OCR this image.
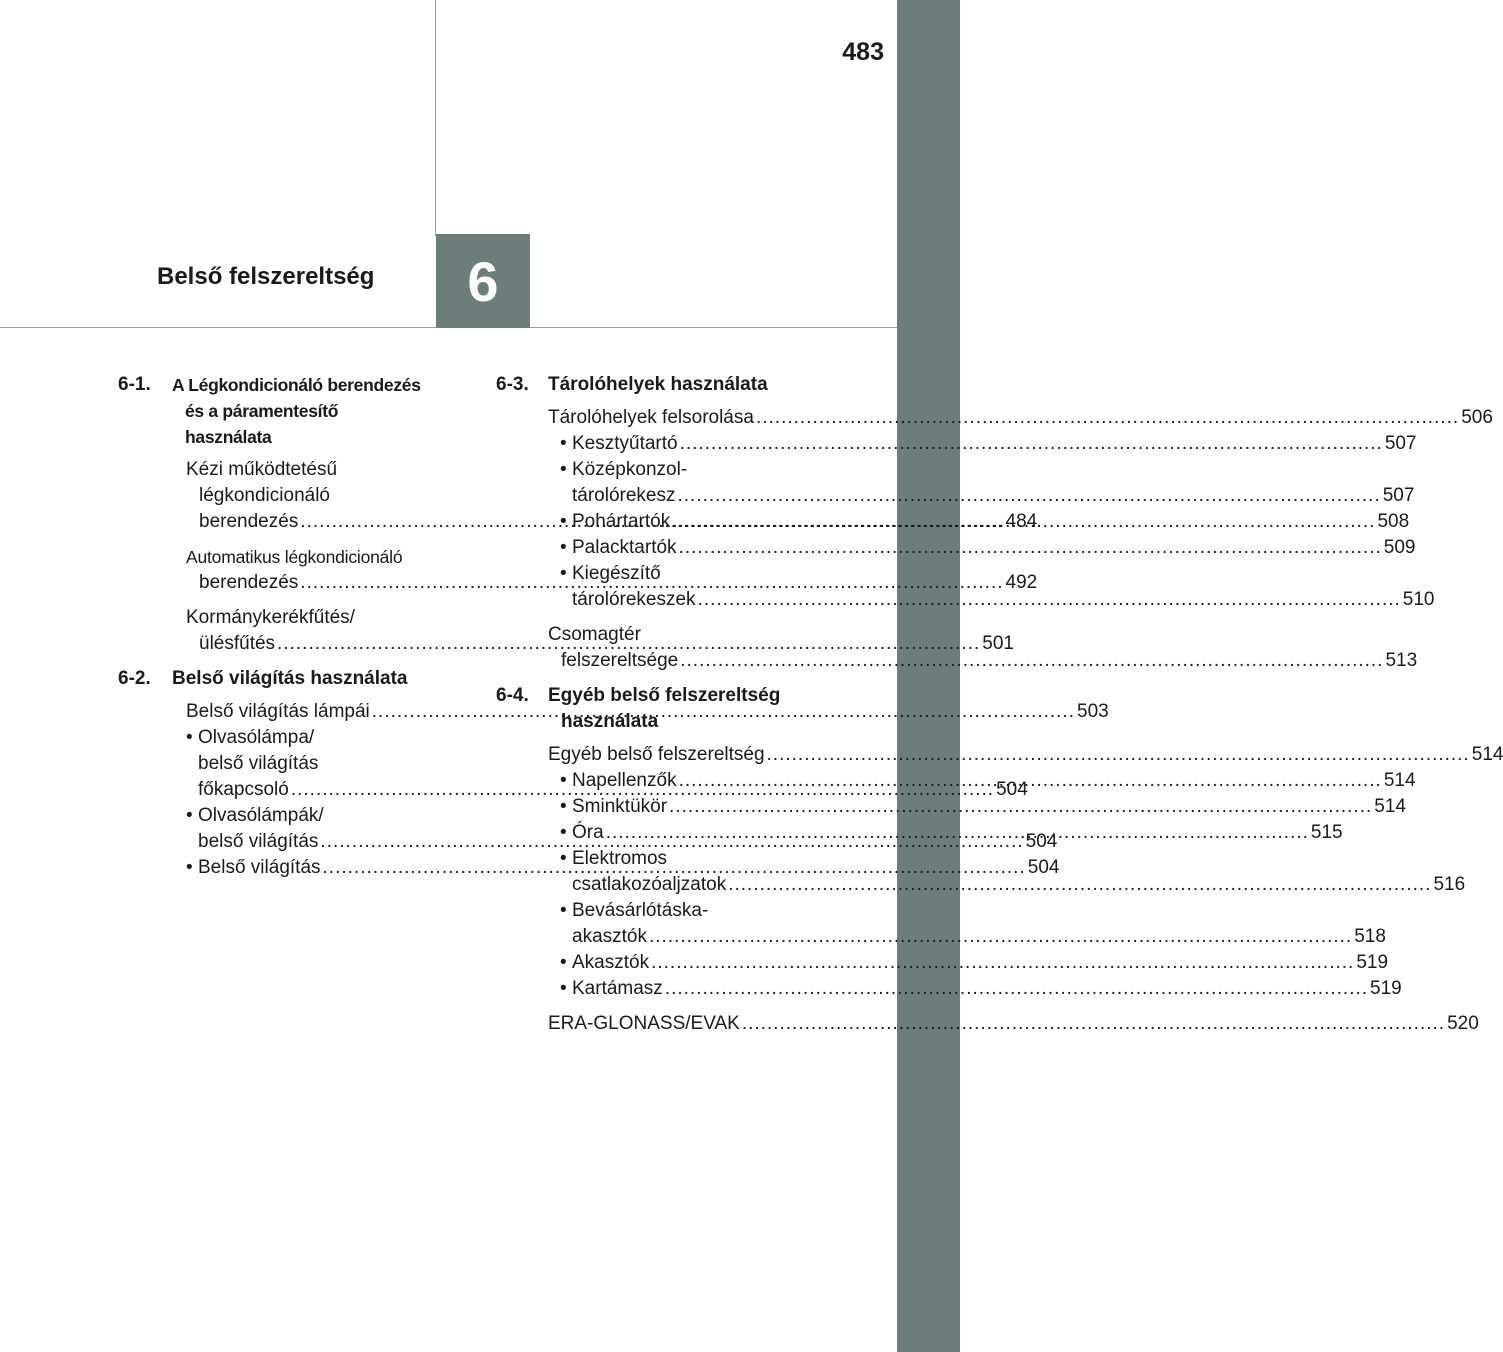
483
Belső felszereltség 6
6-1.	A Légkondicionáló berendezés
és a páramentesítő
használata
Kézi működtetésű
légkondicionáló
berendezés .....	484
Automatikus légkondicionáló
berendezés .....	492
Kormánykerékfűtés/
ülésfűtés .....	501
6-2.	Belső világítás használata
Belső világítás lámpái .....	503
• Olvasólámpa/
belső világítás
főkapcsoló .....	504
• Olvasólámpák/
belső világítás .....	504
• Belső világítás .....	504
6-3.	Tárolóhelyek használata
Tárolóhelyek felsorolása .....	506
• Kesztyűtartó .....	507
• Középkonzol-
tárolórekesz .....	507
• Pohártartók .....	508
• Palacktartók .....	509
• Kiegészítő
tárolórekeszek .....	510
Csomagtér
felszereltsége .....	513
6-4.	Egyéb belső felszereltség
használata
Egyéb belső felszereltség .....	514
• Napellenzők .....	514
• Sminktükör .....	514
• Óra .....	515
• Elektromos
csatlakozóaljzatok .....	516
• Bevásárlótáska-
akasztók .....	518
• Akasztók .....	519
• Kartámasz .....	519
ERA-GLONASS/EVAK .....	520
